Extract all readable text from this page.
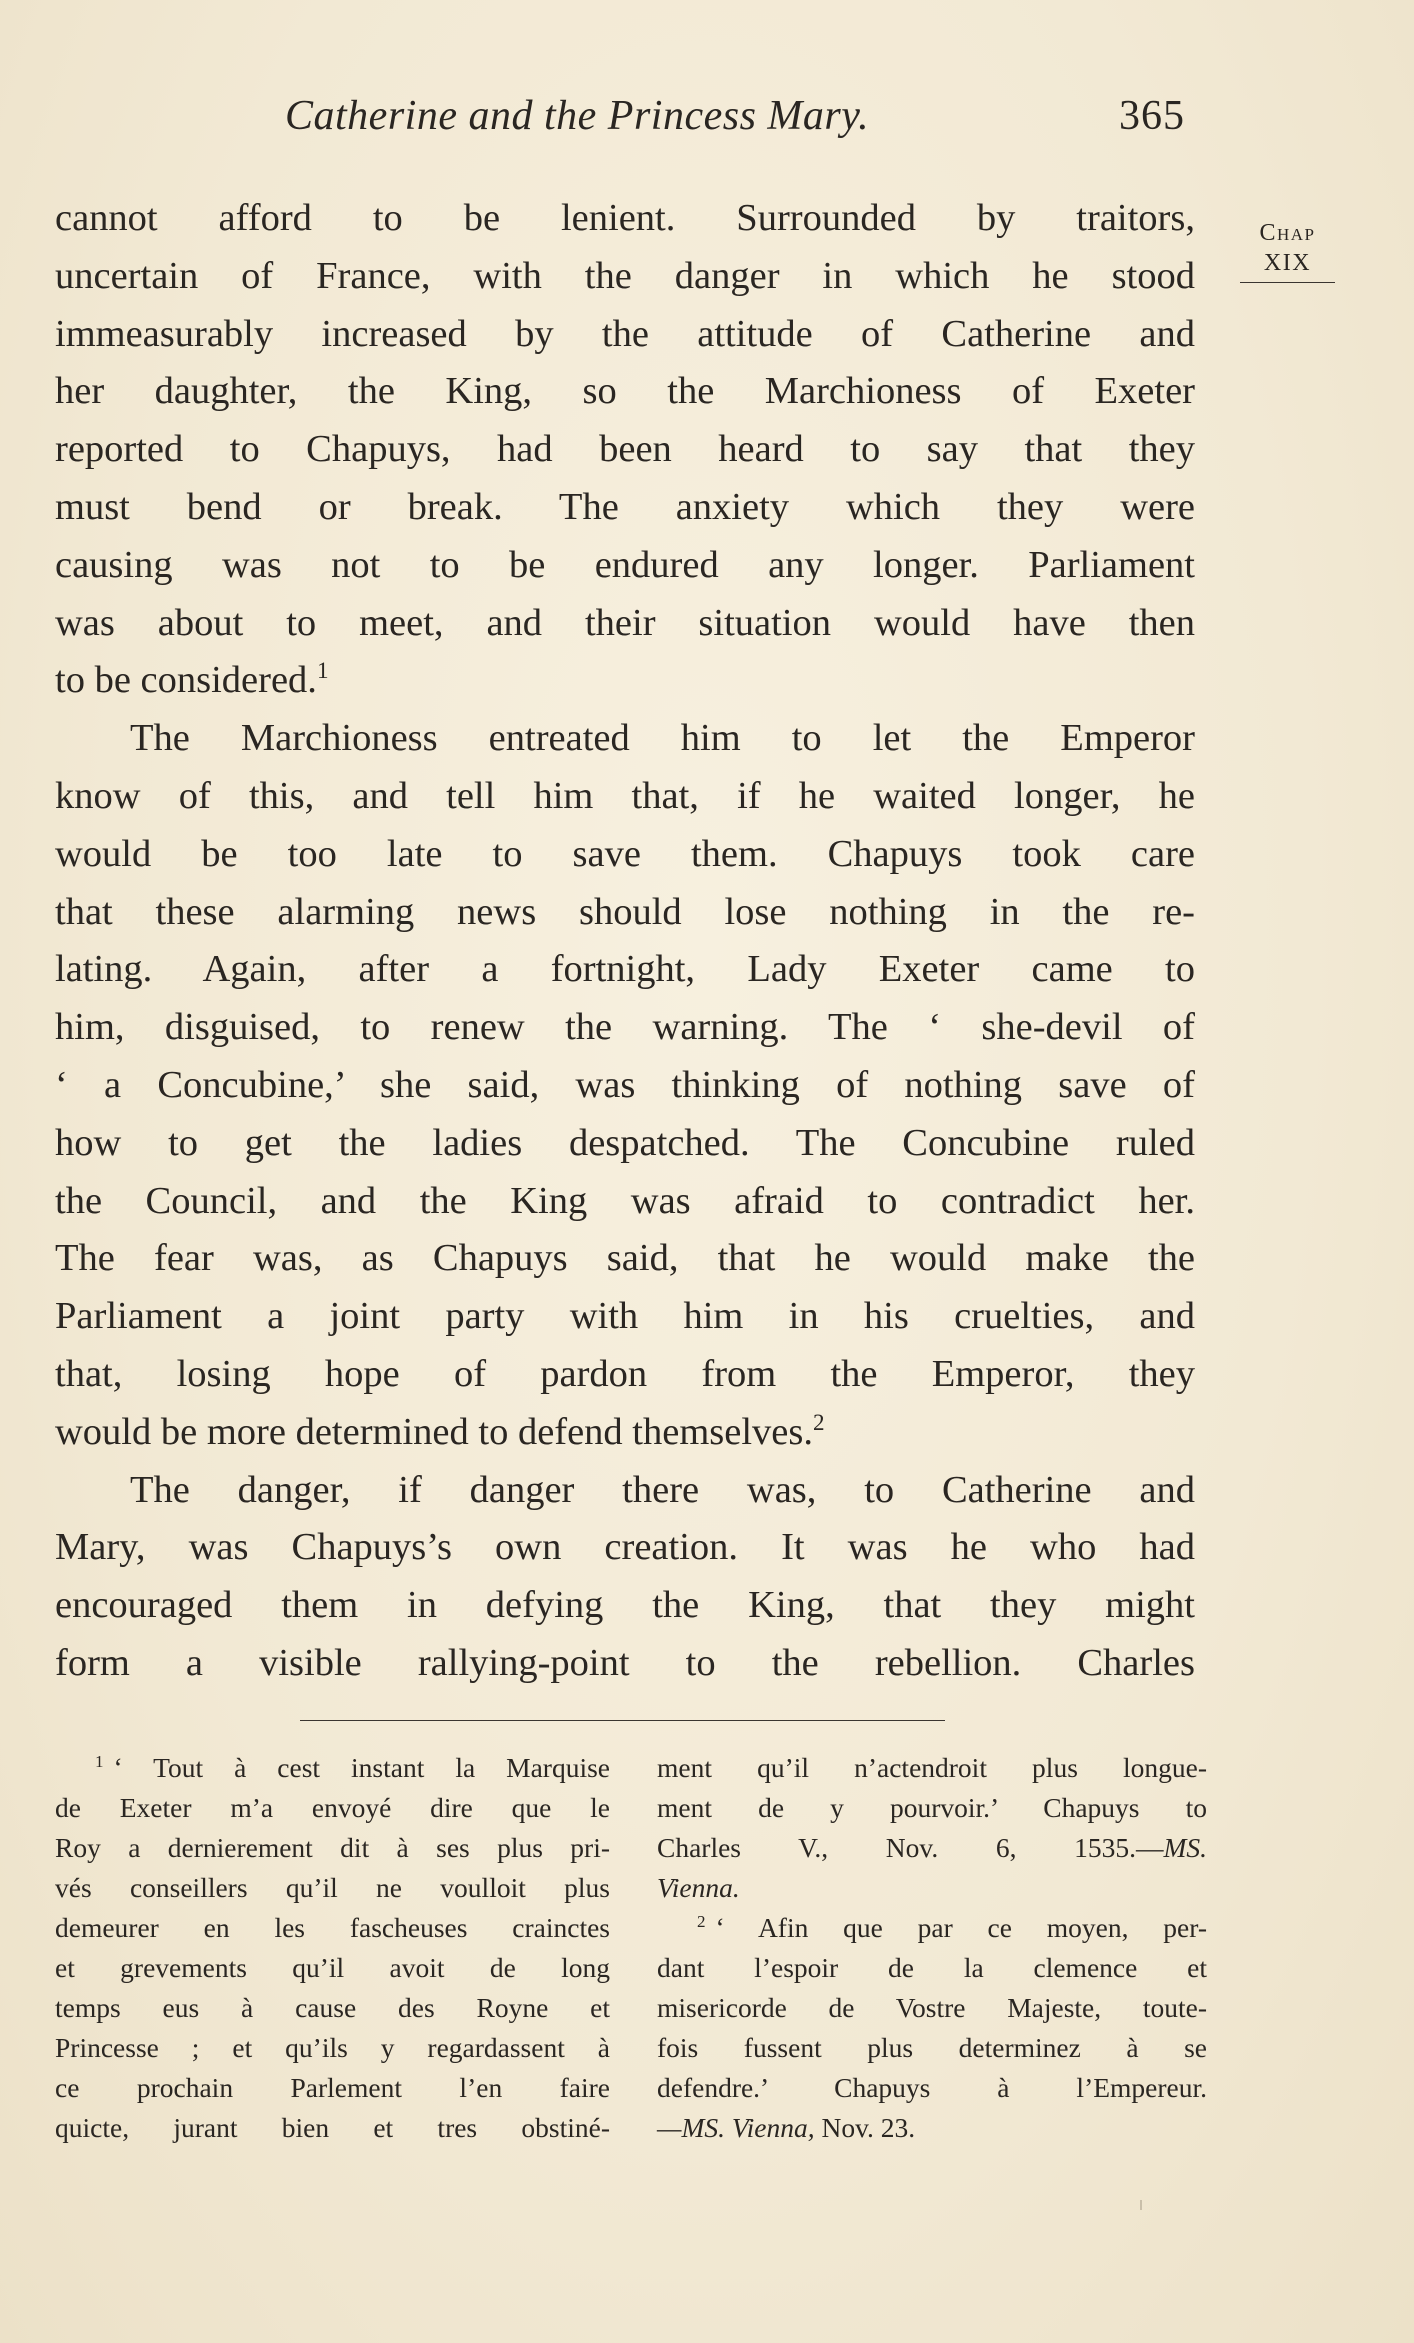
Catherine and the Princess Mary.	365
Chap
XIX
cannot afford to be lenient. Surrounded by traitors,
uncertain of France, with the danger in which he stood
immeasurably increased by the attitude of Catherine and
her daughter, the King, so the Marchioness of Exeter
reported to Chapuys, had been heard to say that they
must bend or break. The anxiety which they were
causing was not to be endured any longer. Parliament
was about to meet, and their situation would have then
to be considered.$^1$
The Marchioness entreated him to let the Emperor
know of this, and tell him that, if he waited longer, he
would be too late to save them. Chapuys took care
that these alarming news should lose nothing in the re-
lating. Again, after a fortnight, Lady Exeter came to
him, disguised, to renew the warning. The ‘ she-devil of
‘ a Concubine,’ she said, was thinking of nothing save of
how to get the ladies despatched. The Concubine ruled
the Council, and the King was afraid to contradict her.
The fear was, as Chapuys said, that he would make the
Parliament a joint party with him in his cruelties, and
that, losing hope of pardon from the Emperor, they
would be more determined to defend themselves.$^2$
The danger, if danger there was, to Catherine and
Mary, was Chapuys’s own creation. It was he who had
encouraged them in defying the King, that they might
form a visible rallying-point to the rebellion. Charles
$^1$ ‘ Tout à cest instant la Marquise
de Exeter m’a envoyé dire que le
Roy a dernierement dit à ses plus pri-
vés conseillers qu’il ne voulloit plus
demeurer en les fascheuses crainctes
et grevements qu’il avoit de long
temps eus à cause des Royne et
Princesse ; et qu’ils y regardassent à
ce prochain Parlement l’en faire
quicte, jurant bien et tres obstiné-
ment qu’il n’actendroit plus longue-
ment de y pourvoir.’ Chapuys to
Charles V., Nov. 6, 1535.—MS.
Vienna.
$^2$ ‘ Afin que par ce moyen, per-
dant l’espoir de la clemence et
misericorde de Vostre Majeste, toute-
fois fussent plus determinez à se
defendre.’ Chapuys à l’Empereur.
—MS. Vienna, Nov. 23.
